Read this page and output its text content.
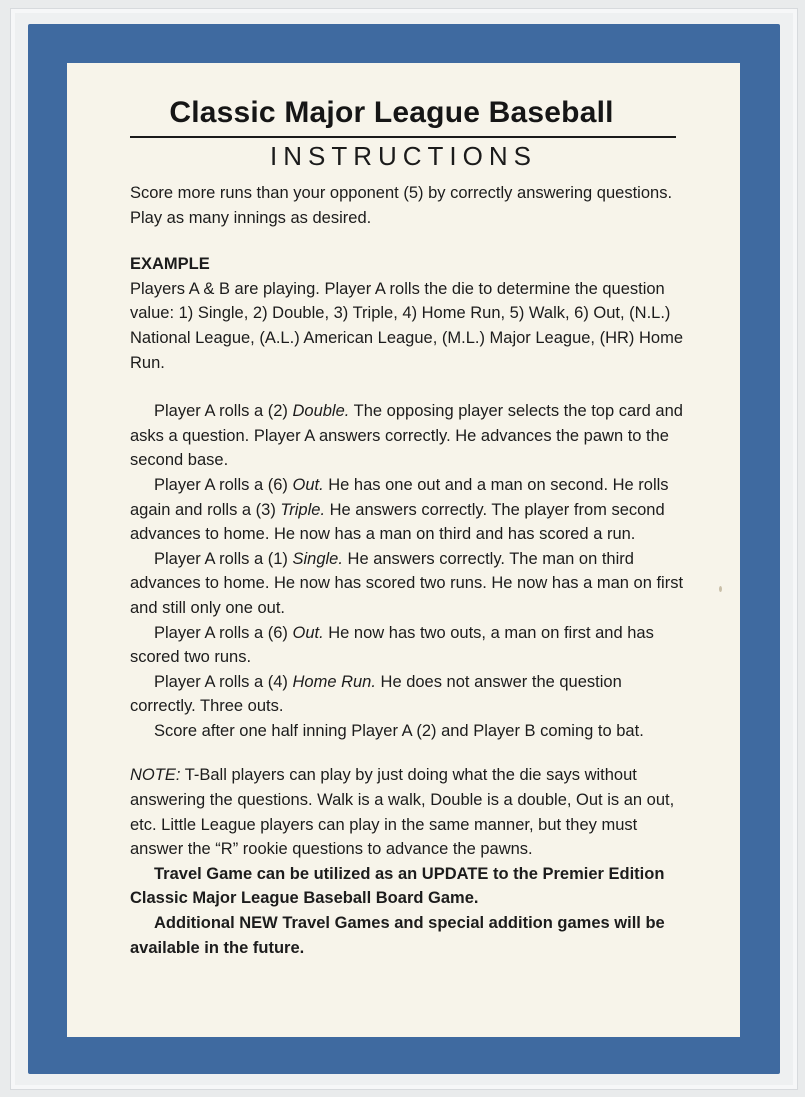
Classic Major League Baseball
INSTRUCTIONS

Score more runs than your opponent (5) by correctly answering questions. Play as many innings as desired.

EXAMPLE

Players A & B are playing. Player A rolls the die to determine the question value: 1) Single, 2) Double, 3) Triple, 4) Home Run, 5) Walk, 6) Out, (N.L.) National League, (A.L.) American League, (M.L.) Major League, (HR) Home Run.

Player A rolls a (2) Double. The opposing player selects the top card and asks a question. Player A answers correctly. He advances the pawn to the second base.

Player A rolls a (6) Out. He has one out and a man on second. He rolls again and rolls a (3) Triple. He answers correctly. The player from second advances to home. He now has a man on third and has scored a run.

Player A rolls a (1) Single. He answers correctly. The man on third advances to home. He now has scored two runs. He now has a man on first and still only one out.

Player A rolls a (6) Out. He now has two outs, a man on first and has scored two runs.

Player A rolls a (4) Home Run. He does not answer the question correctly. Three outs.

Score after one half inning Player A (2) and Player B coming to bat.

NOTE: T-Ball players can play by just doing what the die says without answering the questions. Walk is a walk, Double is a double, Out is an out, etc. Little League players can play in the same manner, but they must answer the “R” rookie questions to advance the pawns.

Travel Game can be utilized as an UPDATE to the Premier Edition Classic Major League Baseball Board Game.

Additional NEW Travel Games and special addition games will be available in the future.
